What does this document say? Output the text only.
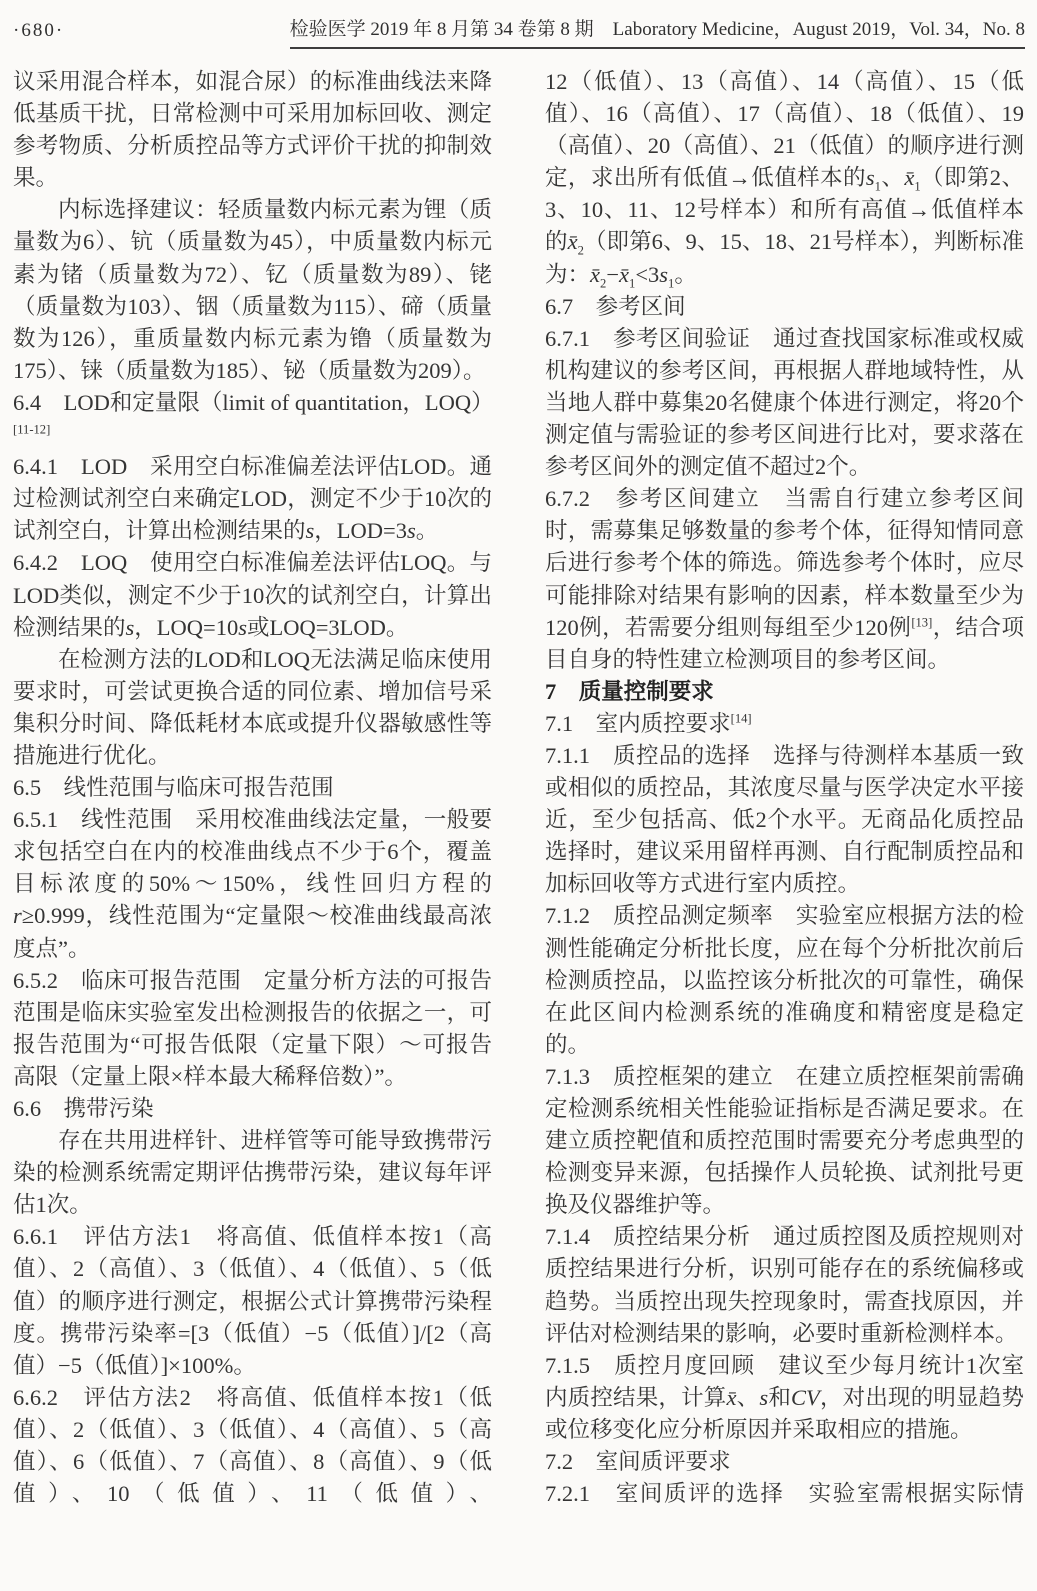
·680·	检验医学 2019 年 8 月第 34 卷第 8 期　Laboratory Medicine，August 2019，Vol. 34，No. 8

议采用混合样本，如混合尿）的标准曲线法来降低基质干扰，日常检测中可采用加标回收、测定参考物质、分析质控品等方式评价干扰的抑制效果。

内标选择建议：轻质量数内标元素为锂（质量数为6）、钪（质量数为45），中质量数内标元素为锗（质量数为72）、钇（质量数为89）、铑（质量数为103）、铟（质量数为115）、碲（质量数为126），重质量数内标元素为镥（质量数为175）、铼（质量数为185）、铋（质量数为209）。

6.4　LOD和定量限（limit of quantitation，LOQ）[11-12]

6.4.1　LOD　采用空白标准偏差法评估LOD。通过检测试剂空白来确定LOD，测定不少于10次的试剂空白，计算出检测结果的s，LOD=3s。

6.4.2　LOQ　使用空白标准偏差法评估LOQ。与LOD类似，测定不少于10次的试剂空白，计算出检测结果的s，LOQ=10s或LOQ=3LOD。

在检测方法的LOD和LOQ无法满足临床使用要求时，可尝试更换合适的同位素、增加信号采集积分时间、降低耗材本底或提升仪器敏感性等措施进行优化。

6.5　线性范围与临床可报告范围

6.5.1　线性范围　采用校准曲线法定量，一般要求包括空白在内的校准曲线点不少于6个，覆盖目标浓度的50%～150%，线性回归方程的r≥0.999，线性范围为“定量限～校准曲线最高浓度点”。

6.5.2　临床可报告范围　定量分析方法的可报告范围是临床实验室发出检测报告的依据之一，可报告范围为“可报告低限（定量下限）～可报告高限（定量上限×样本最大稀释倍数）”。

6.6　携带污染

存在共用进样针、进样管等可能导致携带污染的检测系统需定期评估携带污染，建议每年评估1次。

6.6.1　评估方法1　将高值、低值样本按1（高值）、2（高值）、3（低值）、4（低值）、5（低值）的顺序进行测定，根据公式计算携带污染程度。携带污染率=[3（低值）−5（低值）]/[2（高值）−5（低值）]×100%。

6.6.2　评估方法2　将高值、低值样本按1（低值）、2（低值）、3（低值）、4（高值）、5（高值）、6（低值）、7（高值）、8（高值）、9（低值）、10（低值）、11（低值）、

12（低值）、13（高值）、14（高值）、15（低值）、16（高值）、17（高值）、18（低值）、19（高值）、20（高值）、21（低值）的顺序进行测定，求出所有低值→低值样本的$s_1$、$x̄_1$（即第2、3、10、11、12号样本）和所有高值→低值样本的$x̄_2$（即第6、9、15、18、21号样本），判断标准为：$x̄_2-x̄_1<3s_1$。

6.7　参考区间

6.7.1　参考区间验证　通过查找国家标准或权威机构建议的参考区间，再根据人群地域特性，从当地人群中募集20名健康个体进行测定，将20个测定值与需验证的参考区间进行比对，要求落在参考区间外的测定值不超过2个。

6.7.2　参考区间建立　当需自行建立参考区间时，需募集足够数量的参考个体，征得知情同意后进行参考个体的筛选。筛选参考个体时，应尽可能排除对结果有影响的因素，样本数量至少为120例，若需要分组则每组至少120例[13]，结合项目自身的特性建立检测项目的参考区间。

7　质量控制要求

7.1　室内质控要求[14]

7.1.1　质控品的选择　选择与待测样本基质一致或相似的质控品，其浓度尽量与医学决定水平接近，至少包括高、低2个水平。无商品化质控品选择时，建议采用留样再测、自行配制质控品和加标回收等方式进行室内质控。

7.1.2　质控品测定频率　实验室应根据方法的检测性能确定分析批长度，应在每个分析批次前后检测质控品，以监控该分析批次的可靠性，确保在此区间内检测系统的准确度和精密度是稳定的。

7.1.3　质控框架的建立　在建立质控框架前需确定检测系统相关性能验证指标是否满足要求。在建立质控靶值和质控范围时需要充分考虑典型的检测变异来源，包括操作人员轮换、试剂批号更换及仪器维护等。

7.1.4　质控结果分析　通过质控图及质控规则对质控结果进行分析，识别可能存在的系统偏移或趋势。当质控出现失控现象时，需查找原因，并评估对检测结果的影响，必要时重新检测样本。

7.1.5　质控月度回顾　建议至少每月统计1次室内质控结果，计算x̄、s和CV，对出现的明显趋势或位移变化应分析原因并采取相应的措施。

7.2　室间质评要求

7.2.1　室间质评的选择　实验室需根据实际情
